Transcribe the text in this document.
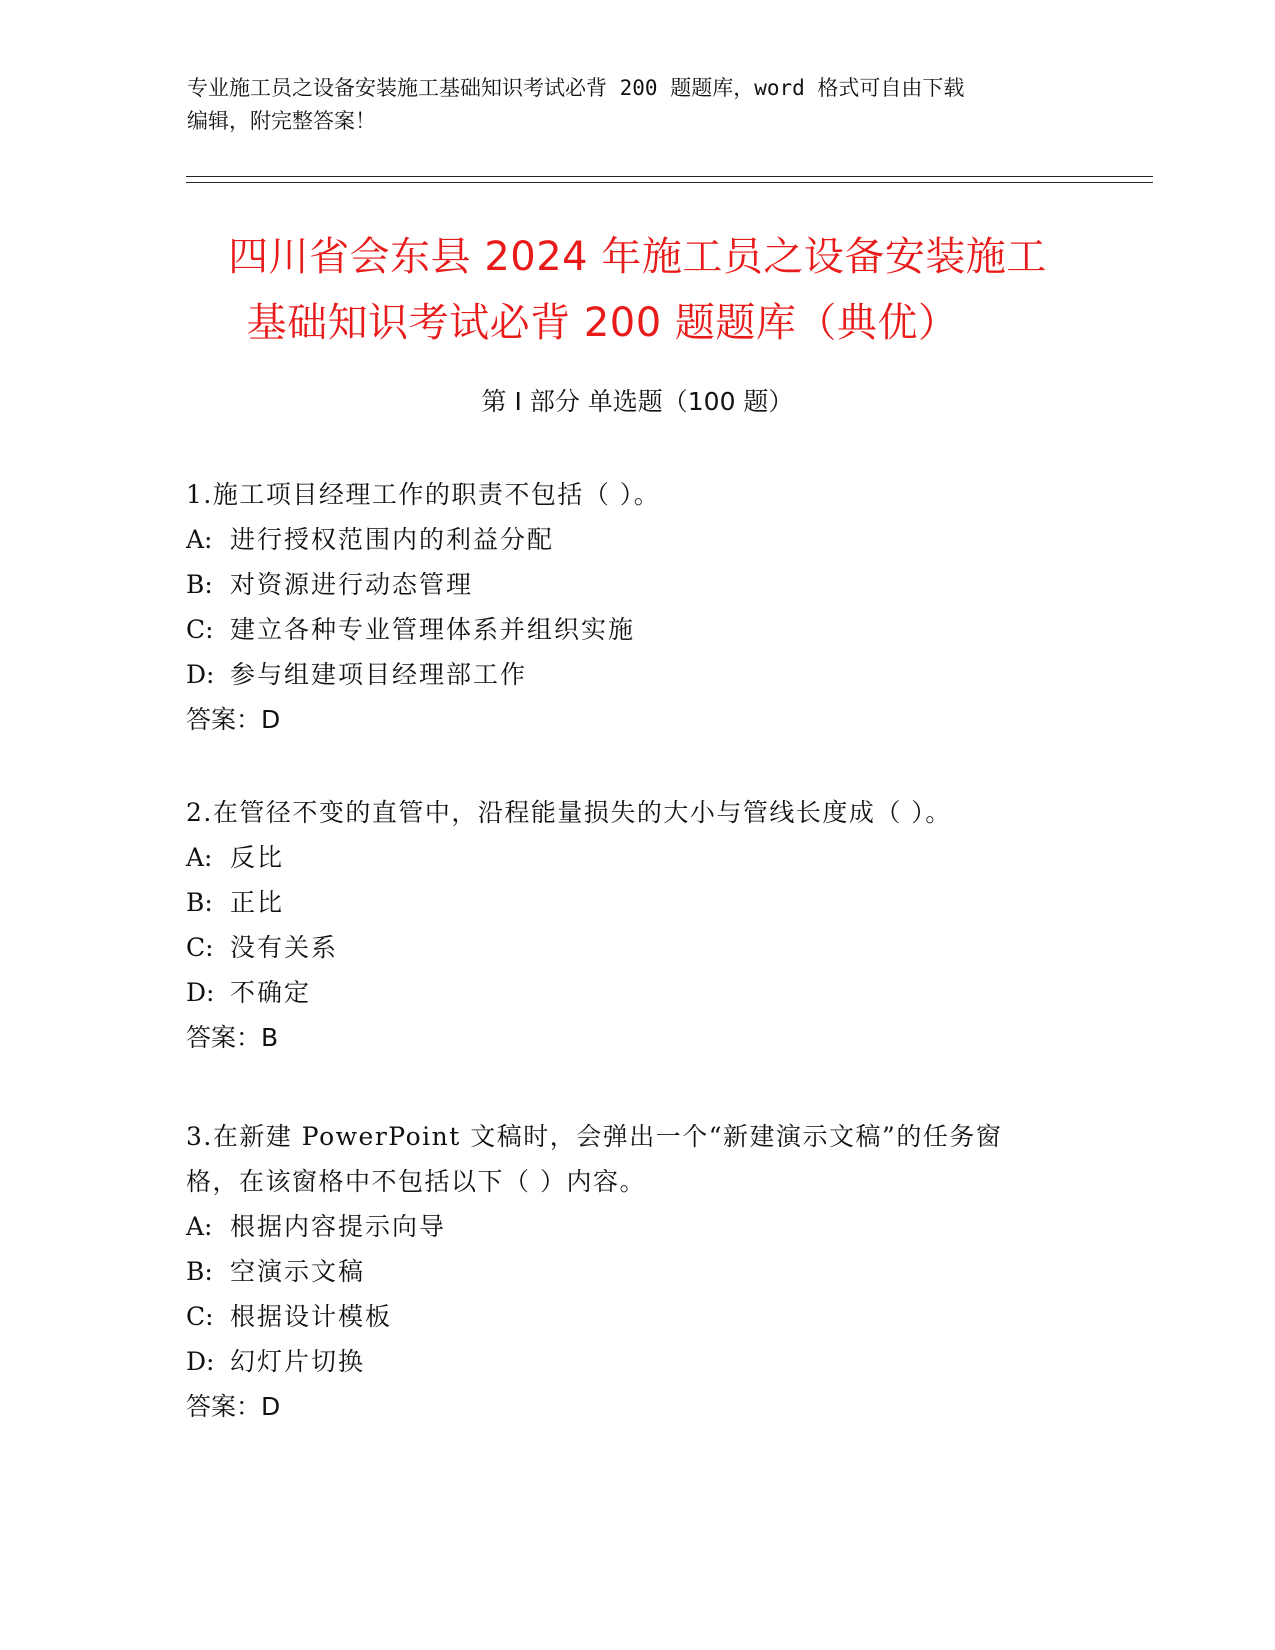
专业施工员之设备安装施工基础知识考试必背 200 题题库，word 格式可自由下载
编辑，附完整答案！
四川省会东县 2024 年施工员之设备安装施工
基础知识考试必背 200 题题库（典优）
第 I 部分 单选题（100 题）
1.施工项目经理工作的职责不包括（ ）。
A: 进行授权范围内的利益分配
B: 对资源进行动态管理
C: 建立各种专业管理体系并组织实施
D: 参与组建项目经理部工作
答案：D
2.在管径不变的直管中，沿程能量损失的大小与管线长度成（ ）。
A: 反比
B: 正比
C: 没有关系
D: 不确定
答案：B
3.在新建 PowerPoint 文稿时，会弹出一个“新建演示文稿”的任务窗
格，在该窗格中不包括以下（ ）内容。
A: 根据内容提示向导
B: 空演示文稿
C: 根据设计模板
D: 幻灯片切换
答案：D
